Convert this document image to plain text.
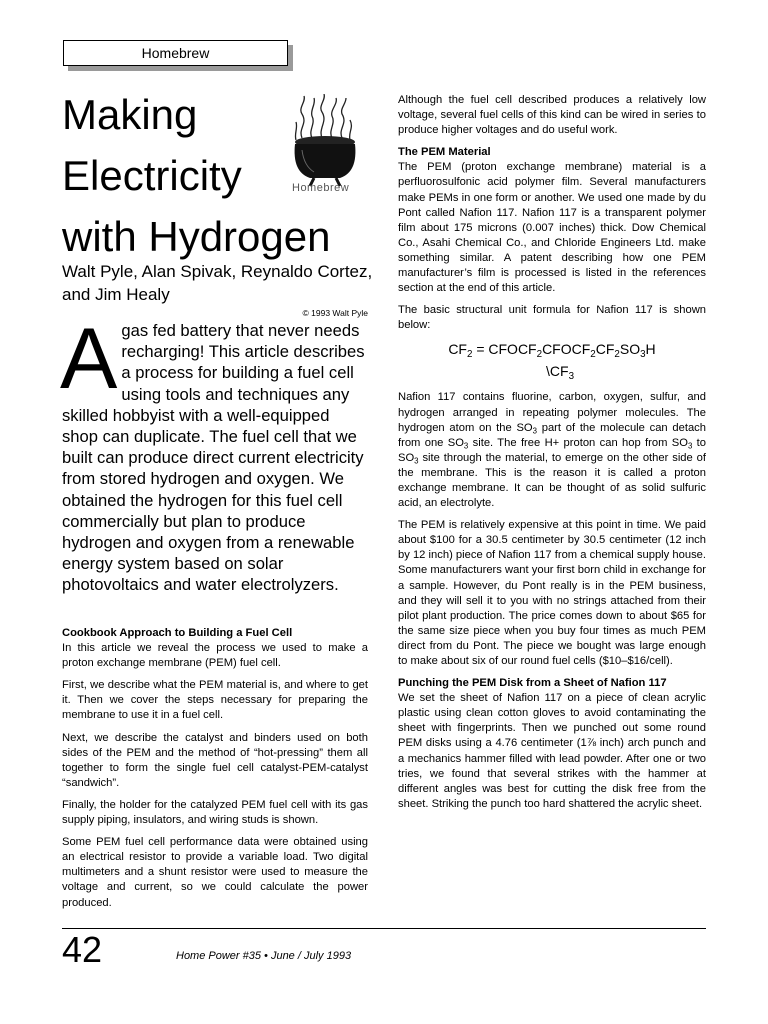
Homebrew
Making
Electricity
with Hydrogen
Homebrew
Walt Pyle, Alan Spivak, Reynaldo Cortez, and Jim Healy
© 1993 Walt Pyle
Agas fed battery that never needs recharging! This article describes a process for building a fuel cell using tools and techniques any skilled hobbyist with a well-equipped shop can duplicate. The fuel cell that we built can produce direct current electricity from stored hydrogen and oxygen. We obtained the hydrogen for this fuel cell commercially but plan to produce hydrogen and oxygen from a renewable energy system based on solar photovoltaics and water electrolyzers.
Cookbook Approach to Building a Fuel Cell

In this article we reveal the process we used to make a proton exchange membrane (PEM) fuel cell.

First, we describe what the PEM material is, and where to get it. Then we cover the steps necessary for preparing the membrane to use it in a fuel cell.

Next, we describe the catalyst and binders used on both sides of the PEM and the method of “hot-pressing” them all together to form the single fuel cell catalyst-PEM-catalyst “sandwich”.

Finally, the holder for the catalyzed PEM fuel cell with its gas supply piping, insulators, and wiring studs is shown.

Some PEM fuel cell performance data were obtained using an electrical resistor to provide a variable load. Two digital multimeters and a shunt resistor were used to measure the voltage and current, so we could calculate the power produced.

Although the fuel cell described produces a relatively low voltage, several fuel cells of this kind can be wired in series to produce higher voltages and do useful work.

The PEM Material

The PEM (proton exchange membrane) material is a perfluorosulfonic acid polymer film. Several manufacturers make PEMs in one form or another. We used one made by du Pont called Nafion 117. Nafion 117 is a transparent polymer film about 175 microns (0.007 inches) thick. Dow Chemical Co., Asahi Chemical Co., and Chloride Engineers Ltd. make something similar. A patent describing how one PEM manufacturer’s film is processed is listed in the references section at the end of this article.

The basic structural unit formula for Nafion 117 is shown below:

$CF_2$ = $CFOCF_2CFOCF_2CF_2SO_3H$
$\backslash CF_3$

Nafion 117 contains fluorine, carbon, oxygen, sulfur, and hydrogen arranged in repeating polymer molecules. The hydrogen atom on the $SO_3$ part of the molecule can detach from one $SO_3$ site. The free H+ proton can hop from $SO_3$ to $SO_3$ site through the material, to emerge on the other side of the membrane. This is the reason it is called a proton exchange membrane. It can be thought of as solid sulfuric acid, an electrolyte.

The PEM is relatively expensive at this point in time. We paid about $100 for a 30.5 centimeter by 30.5 centimeter (12 inch by 12 inch) piece of Nafion 117 from a chemical supply house. Some manufacturers want your first born child in exchange for a sample. However, du Pont really is in the PEM business, and they will sell it to you with no strings attached from their pilot plant production. The price comes down to about $65 for the same size piece when you buy four times as much PEM direct from du Pont. The piece we bought was large enough to make about six of our round fuel cells ($10–$16/cell).

Punching the PEM Disk from a Sheet of Nafion 117

We set the sheet of Nafion 117 on a piece of clean acrylic plastic using clean cotton gloves to avoid contaminating the sheet with fingerprints. Then we punched out some round PEM disks using a 4.76 centimeter (1⅞ inch) arch punch and a mechanics hammer filled with lead powder. After one or two tries, we found that several strikes with the hammer at different angles was best for cutting the disk free from the sheet. Striking the punch too hard shattered the acrylic sheet.

42	Home Power #35 • June / July 1993
